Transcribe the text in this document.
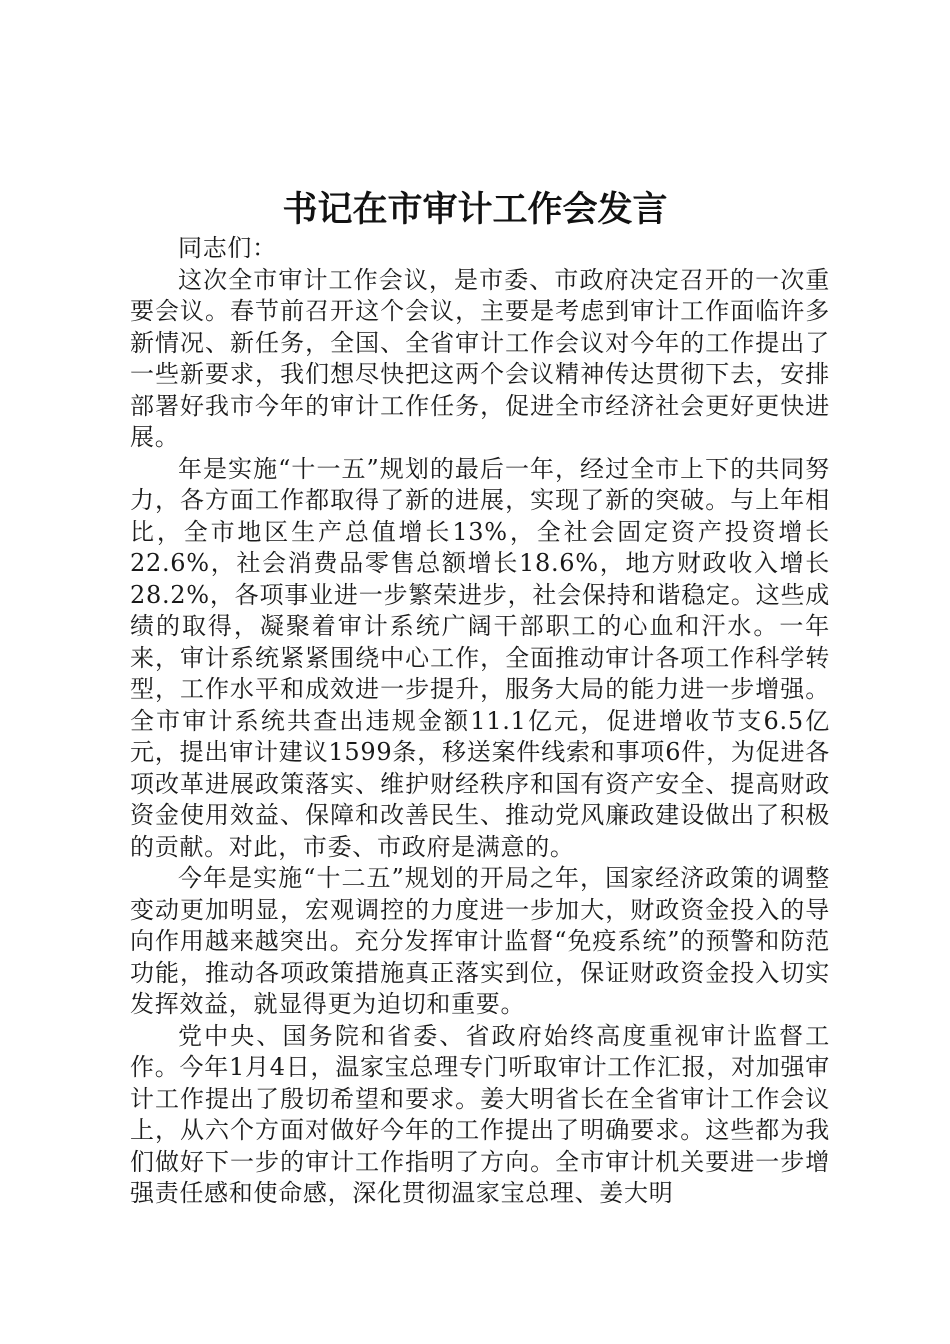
书记在市审计工作会发言

同志们：

这次全市审计工作会议，是市委、市政府决定召开的一次重要会议。春节前召开这个会议，主要是考虑到审计工作面临许多新情况、新任务，全国、全省审计工作会议对今年的工作提出了一些新要求，我们想尽快把这两个会议精神传达贯彻下去，安排部署好我市今年的审计工作任务，促进全市经济社会更好更快进展。

年是实施“十一五”规划的最后一年，经过全市上下的共同努力，各方面工作都取得了新的进展，实现了新的突破。与上年相比，全市地区生产总值增长13%，全社会固定资产投资增长22.6%，社会消费品零售总额增长18.6%，地方财政收入增长28.2%，各项事业进一步繁荣进步，社会保持和谐稳定。这些成绩的取得，凝聚着审计系统广阔干部职工的心血和汗水。一年来，审计系统紧紧围绕中心工作，全面推动审计各项工作科学转型，工作水平和成效进一步提升，服务大局的能力进一步增强。全市审计系统共查出违规金额11.1亿元，促进增收节支6.5亿元，提出审计建议1599条，移送案件线索和事项6件，为促进各项改革进展政策落实、维护财经秩序和国有资产安全、提高财政资金使用效益、保障和改善民生、推动党风廉政建设做出了积极的贡献。对此，市委、市政府是满意的。

今年是实施“十二五”规划的开局之年，国家经济政策的调整变动更加明显，宏观调控的力度进一步加大，财政资金投入的导向作用越来越突出。充分发挥审计监督“免疫系统”的预警和防范功能，推动各项政策措施真正落实到位，保证财政资金投入切实发挥效益，就显得更为迫切和重要。

党中央、国务院和省委、省政府始终高度重视审计监督工作。今年1月4日，温家宝总理专门听取审计工作汇报，对加强审计工作提出了殷切希望和要求。姜大明省长在全省审计工作会议上，从六个方面对做好今年的工作提出了明确要求。这些都为我们做好下一步的审计工作指明了方向。全市审计机关要进一步增强责任感和使命感，深化贯彻温家宝总理、姜大明
